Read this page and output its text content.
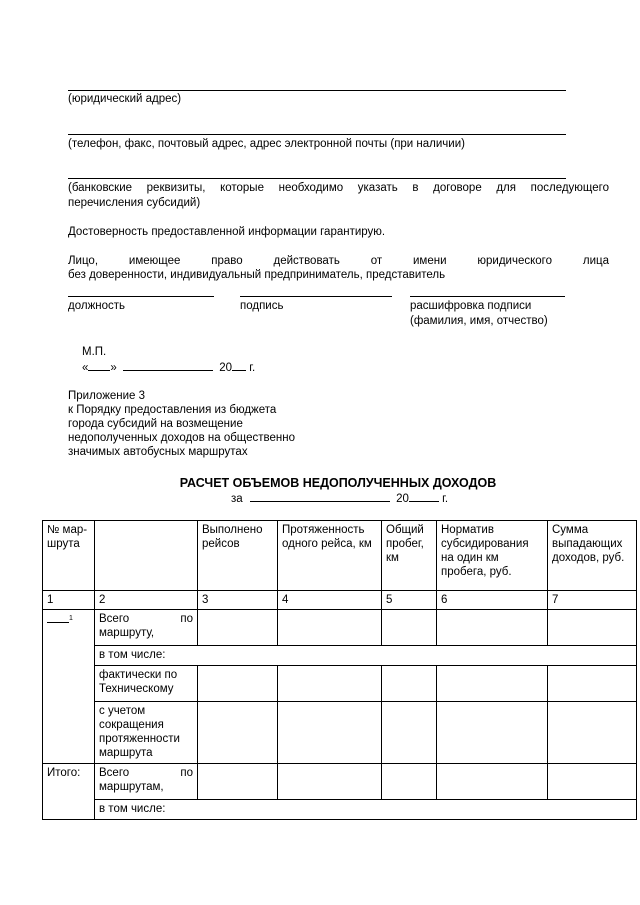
(юридический адрес)
(телефон, факс, почтовый адрес, адрес электронной почты (при наличии)
(банковские реквизиты, которые необходимо указать в договоре для последующего
перечисления субсидий)
Достоверность предоставленной информации гарантирую.
Лицо, имеющее право действовать от имени юридического лица
без доверенности, индивидуальный предприниматель, представитель
должность	подпись	расшифровка подписи
(фамилия, имя, отчество)
М.П.
« »	20 г.
Приложение 3
к Порядку предоставления из бюджета
города субсидий на возмещение
недополученных доходов на общественно
значимых автобусных маршрутах
РАСЧЕТ ОБЪЕМОВ НЕДОПОЛУЧЕННЫХ ДОХОДОВ
за	20	г.
№ мар-шрута		Выполнено рейсов	Протяженность одного рейса, км	Общий пробег, км	Норматив субсидирования на один км пробега, руб.	Сумма выпадающих доходов, руб.
1	2	3	4	5	6	7
$^1$	Всего по маршруту,					

	в том числе:					
	фактически по Техническому					
	с учетом сокращения протяженности маршрута					
Итого:	Всего по маршрутам,					

	в том числе:					
